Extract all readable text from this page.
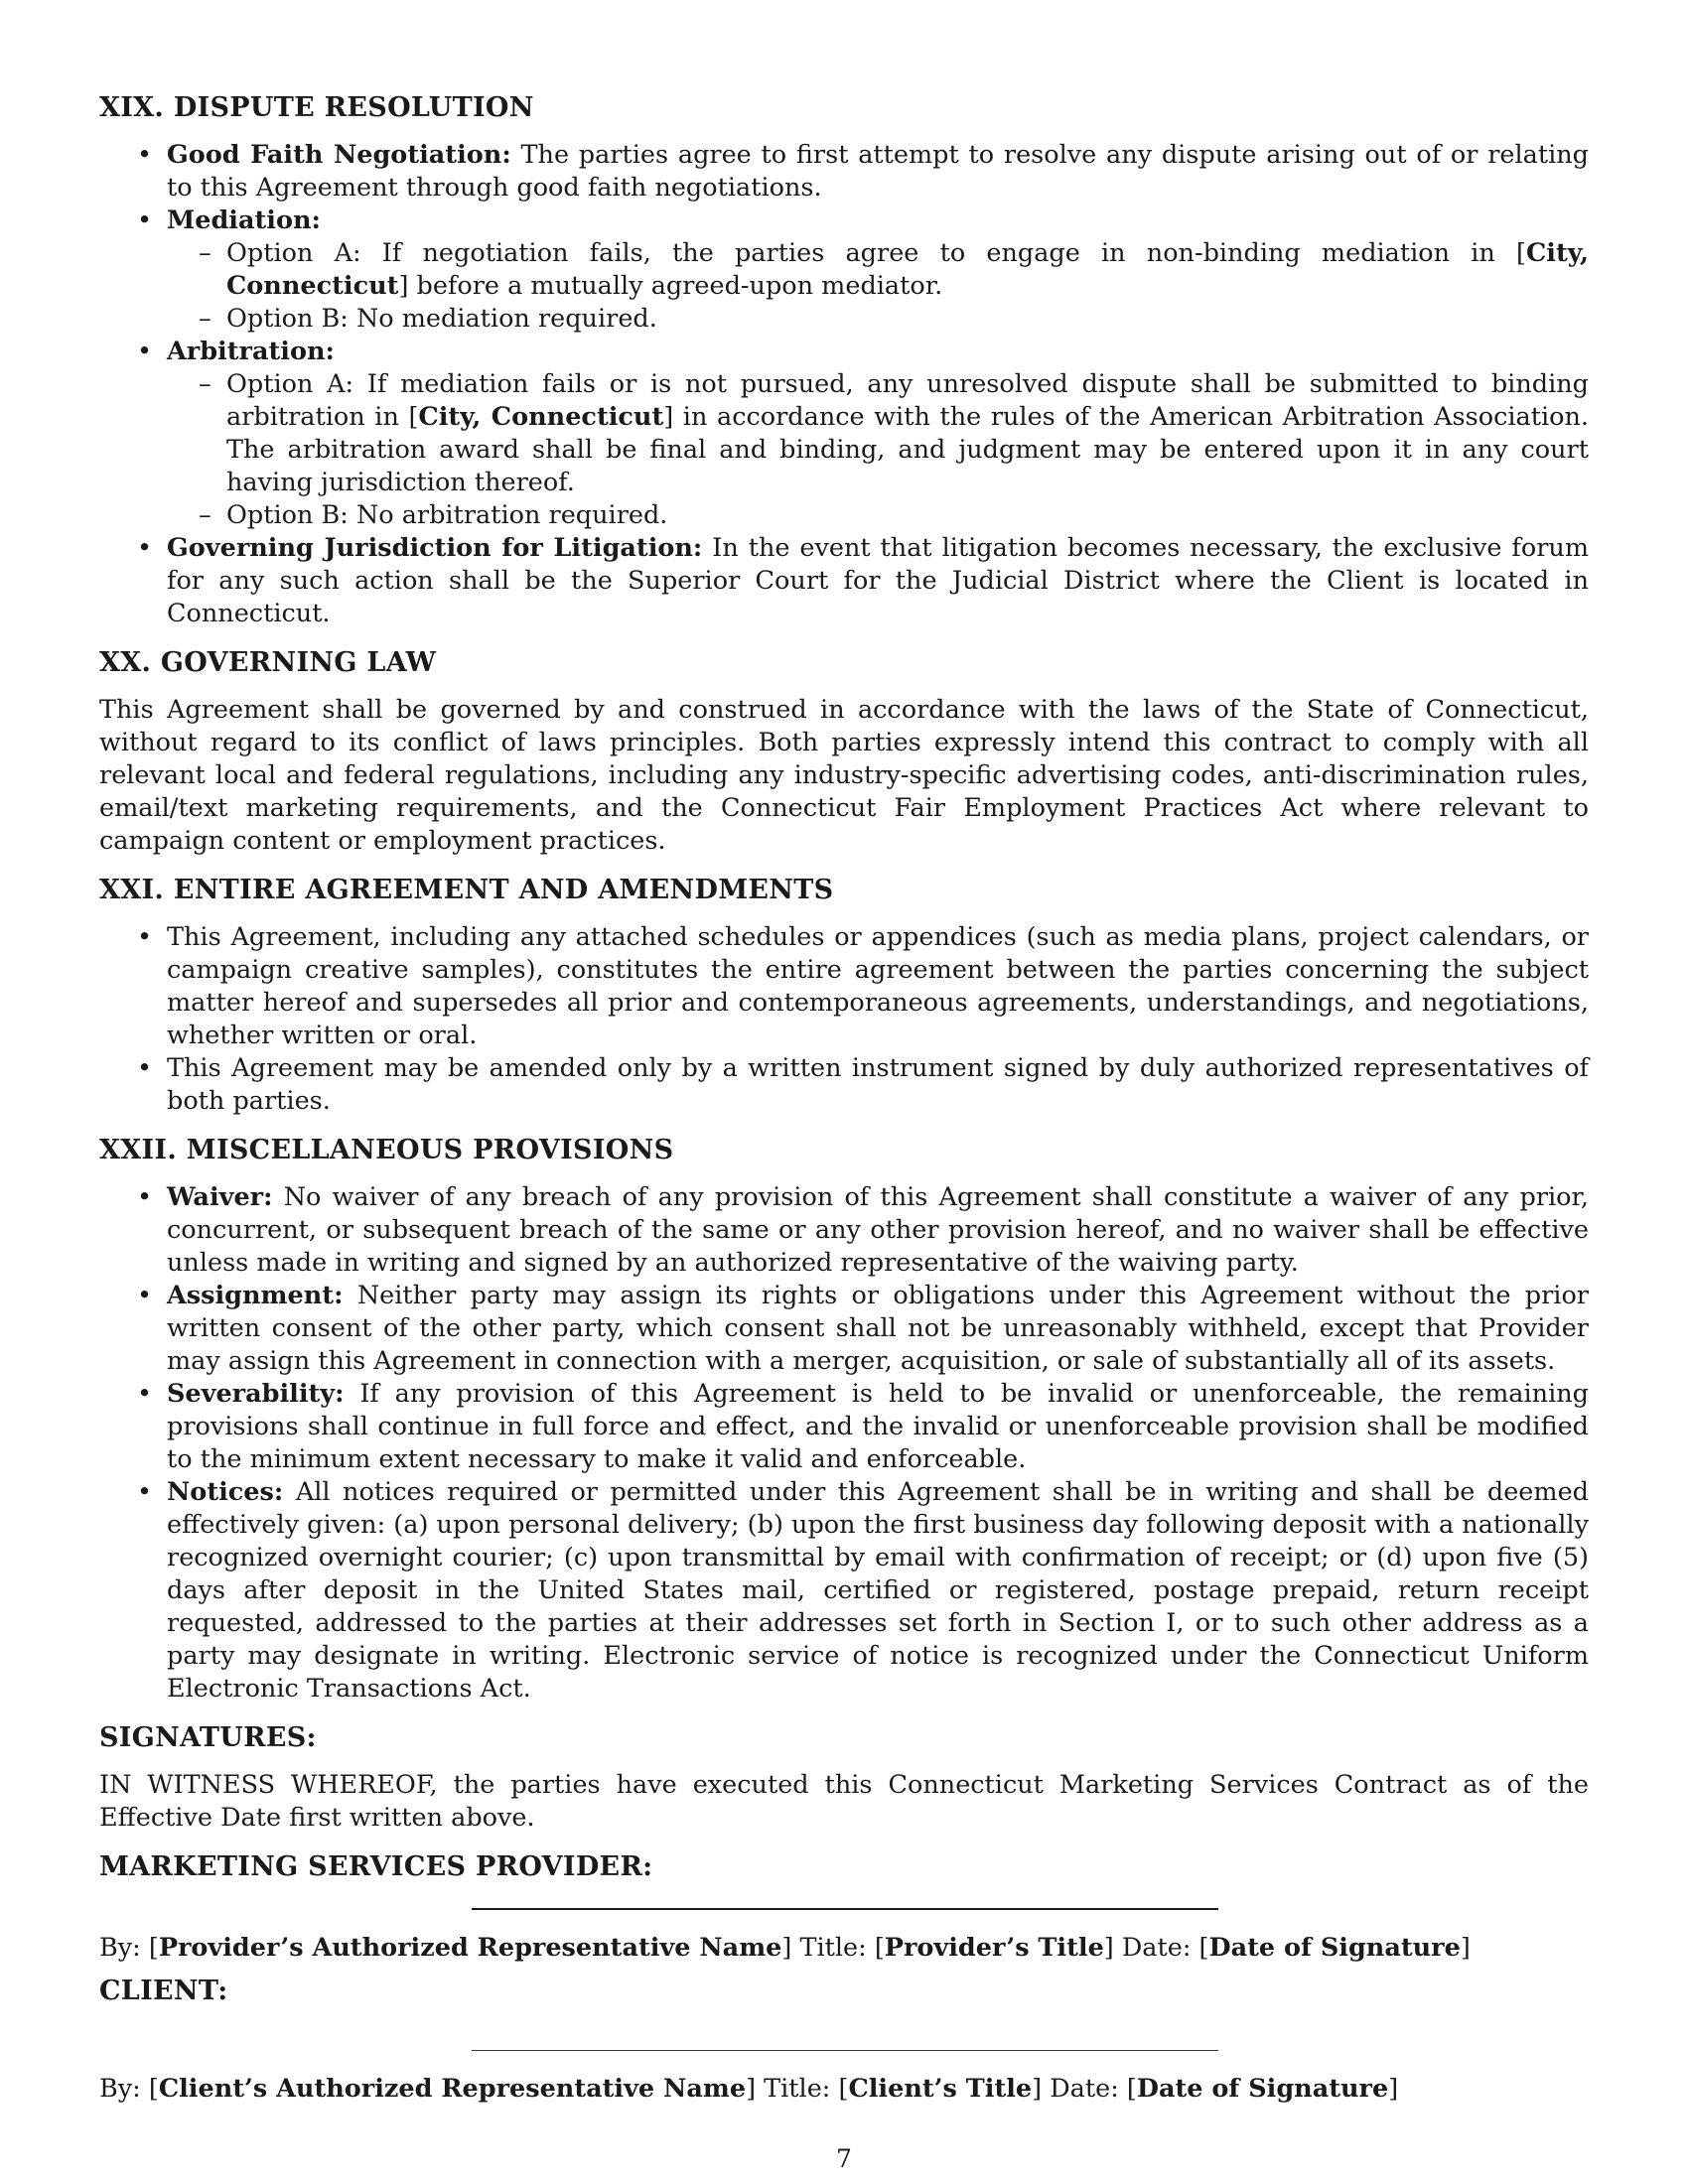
XIX. DISPUTE RESOLUTION
• Good Faith Negotiation: The parties agree to first attempt to resolve any dispute arising out of or relating to this Agreement through good faith negotiations.
• Mediation:
– Option A: If negotiation fails, the parties agree to engage in non-binding mediation in [City, Connecticut] before a mutually agreed-upon mediator.
– Option B: No mediation required.
• Arbitration:
– Option A: If mediation fails or is not pursued, any unresolved dispute shall be submitted to binding arbitration in [City, Connecticut] in accordance with the rules of the American Arbitration Association. The arbitration award shall be final and binding, and judgment may be entered upon it in any court having jurisdiction thereof.
– Option B: No arbitration required.
• Governing Jurisdiction for Litigation: In the event that litigation becomes necessary, the exclusive forum for any such action shall be the Superior Court for the Judicial District where the Client is located in Connecticut.
XX. GOVERNING LAW

This Agreement shall be governed by and construed in accordance with the laws of the State of Connecticut, without regard to its conflict of laws principles. Both parties expressly intend this contract to comply with all relevant local and federal regulations, including any industry-specific advertising codes, anti-discrimination rules, email/text marketing requirements, and the Connecticut Fair Employment Practices Act where relevant to campaign content or employment practices.

XXI. ENTIRE AGREEMENT AND AMENDMENTS
• This Agreement, including any attached schedules or appendices (such as media plans, project calendars, or campaign creative samples), constitutes the entire agreement between the parties concerning the subject matter hereof and supersedes all prior and contemporaneous agreements, understandings, and negotiations, whether written or oral.
• This Agreement may be amended only by a written instrument signed by duly authorized representatives of both parties.
XXII. MISCELLANEOUS PROVISIONS
• Waiver: No waiver of any breach of any provision of this Agreement shall constitute a waiver of any prior, concurrent, or subsequent breach of the same or any other provision hereof, and no waiver shall be effective unless made in writing and signed by an authorized representative of the waiving party.
• Assignment: Neither party may assign its rights or obligations under this Agreement without the prior written consent of the other party, which consent shall not be unreasonably withheld, except that Provider may assign this Agreement in connection with a merger, acquisition, or sale of substantially all of its assets.
• Severability: If any provision of this Agreement is held to be invalid or unenforceable, the remaining provisions shall continue in full force and effect, and the invalid or unenforceable provision shall be modified to the minimum extent necessary to make it valid and enforceable.
• Notices: All notices required or permitted under this Agreement shall be in writing and shall be deemed effectively given: (a) upon personal delivery; (b) upon the first business day following deposit with a nationally recognized overnight courier; (c) upon transmittal by email with confirmation of receipt; or (d) upon five (5) days after deposit in the United States mail, certified or registered, postage prepaid, return receipt requested, addressed to the parties at their addresses set forth in Section I, or to such other address as a party may designate in writing. Electronic service of notice is recognized under the Connecticut Uniform Electronic Transactions Act.
SIGNATURES:

IN WITNESS WHEREOF, the parties have executed this Connecticut Marketing Services Contract as of the Effective Date first written above.

MARKETING SERVICES PROVIDER:
By: [Provider’s Authorized Representative Name] Title: [Provider’s Title] Date: [Date of Signature]
CLIENT:
By: [Client’s Authorized Representative Name] Title: [Client’s Title] Date: [Date of Signature]
7
